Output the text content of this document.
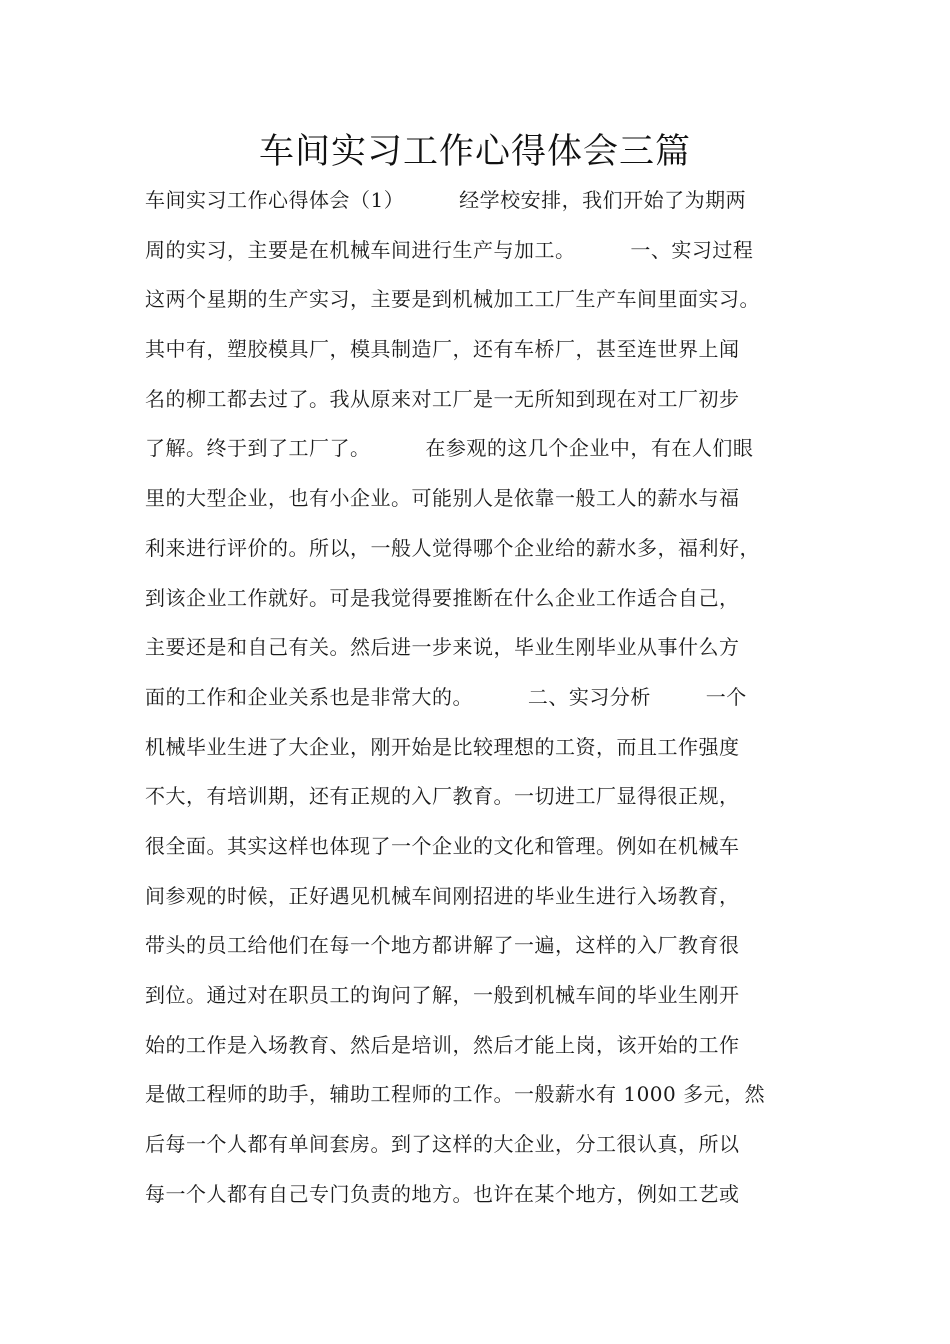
车间实习工作心得体会三篇
车间实习工作心得体会（1）        经学校安排，我们开始了为期两
周的实习，主要是在机械车间进行生产与加工。        一、实习过程
这两个星期的生产实习，主要是到机械加工工厂生产车间里面实习。
其中有，塑胶模具厂，模具制造厂，还有车桥厂，甚至连世界上闻
名的柳工都去过了。我从原来对工厂是一无所知到现在对工厂初步
了解。终于到了工厂了。        在参观的这几个企业中，有在人们眼
里的大型企业，也有小企业。可能别人是依靠一般工人的薪水与福
利来进行评价的。所以，一般人觉得哪个企业给的薪水多，福利好，
到该企业工作就好。可是我觉得要推断在什么企业工作适合自己，
主要还是和自己有关。然后进一步来说，毕业生刚毕业从事什么方
面的工作和企业关系也是非常大的。        二、实习分析        一个
机械毕业生进了大企业，刚开始是比较理想的工资，而且工作强度
不大，有培训期，还有正规的入厂教育。一切进工厂显得很正规，
很全面。其实这样也体现了一个企业的文化和管理。例如在机械车
间参观的时候，正好遇见机械车间刚招进的毕业生进行入场教育，
带头的员工给他们在每一个地方都讲解了一遍，这样的入厂教育很
到位。通过对在职员工的询问了解，一般到机械车间的毕业生刚开
始的工作是入场教育、然后是培训，然后才能上岗，该开始的工作
是做工程师的助手，辅助工程师的工作。一般薪水有 1000 多元，然
后每一个人都有单间套房。到了这样的大企业，分工很认真，所以
每一个人都有自己专门负责的地方。也许在某个地方，例如工艺或
